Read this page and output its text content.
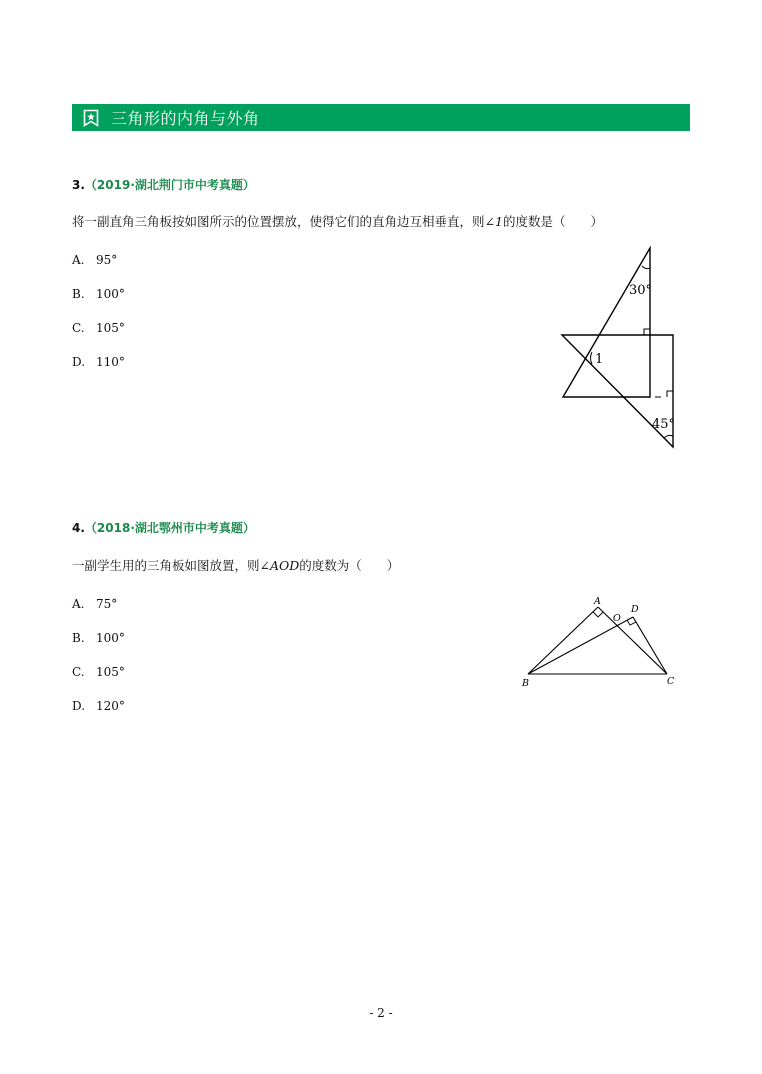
三角形的内角与外角
3.（2019·湖北荆门市中考真题）
将一副直角三角板按如图所示的位置摆放，使得它们的直角边互相垂直，则∠1的度数是（　　）
A. 95°
B. 100°
C. 105°
D. 110°
30°
45°
1
4.（2018·湖北鄂州市中考真题）
一副学生用的三角板如图放置，则∠AOD的度数为（　　）
A. 75°
B. 100°
C. 105°
D. 120°
A
O
D
B	C
- 2 -
